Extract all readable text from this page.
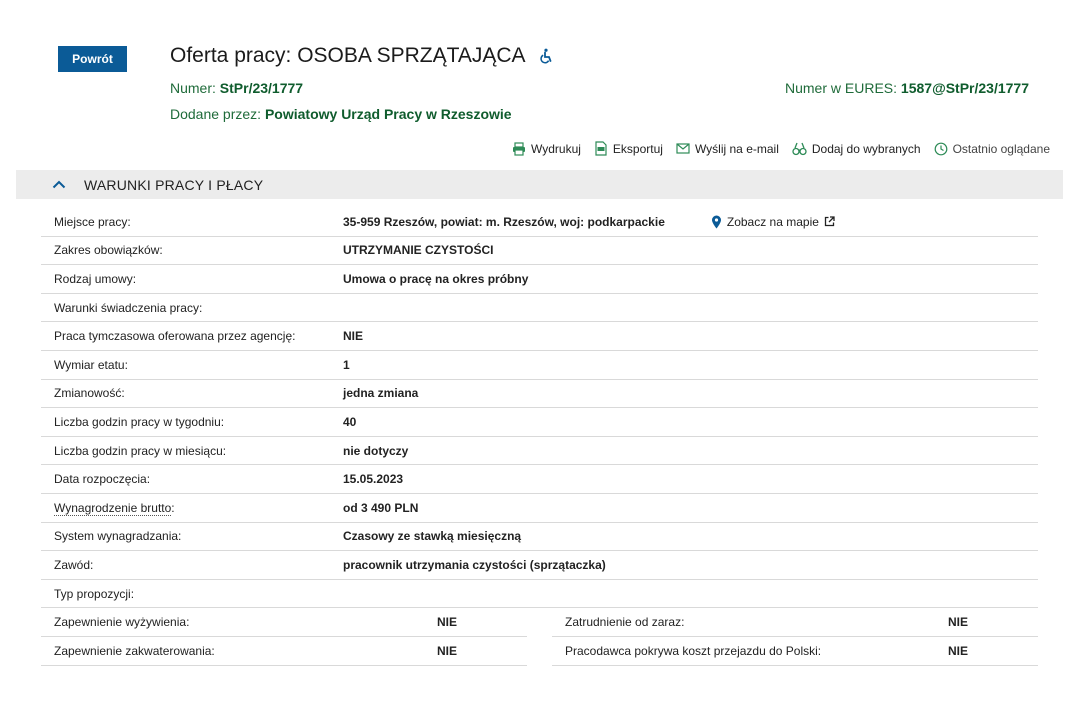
Powrót	Oferta pracy: OSOBA SPRZĄTAJĄCA
Numer: StPr/23/1777	Numer w EURES: 1587@StPr/23/1777
Dodane przez: Powiatowy Urząd Pracy w Rzeszowie
Wydrukuj	Eksportuj	Wyślij na e-mail	Dodaj do wybranych	Ostatnio oglądane
WARUNKI PRACY I PŁACY
Miejsce pracy:	35-959 Rzeszów, powiat: m. Rzeszów, woj: podkarpackie	Zobacz na mapie
Zakres obowiązków:	UTRZYMANIE CZYSTOŚCI
Rodzaj umowy:	Umowa o pracę na okres próbny
Warunki świadczenia pracy:
Praca tymczasowa oferowana przez agencję:	NIE
Wymiar etatu:	1
Zmianowość:	jedna zmiana
Liczba godzin pracy w tygodniu:	40
Liczba godzin pracy w miesiącu:	nie dotyczy
Data rozpoczęcia:	15.05.2023
Wynagrodzenie brutto:	od 3 490 PLN
System wynagradzania:	Czasowy ze stawką miesięczną
Zawód:	pracownik utrzymania czystości (sprzątaczka)
Typ propozycji:
Zapewnienie wyżywienia:	NIE	Zatrudnienie od zaraz:	NIE
Zapewnienie zakwaterowania:	NIE	Pracodawca pokrywa koszt przejazdu do Polski:	NIE
